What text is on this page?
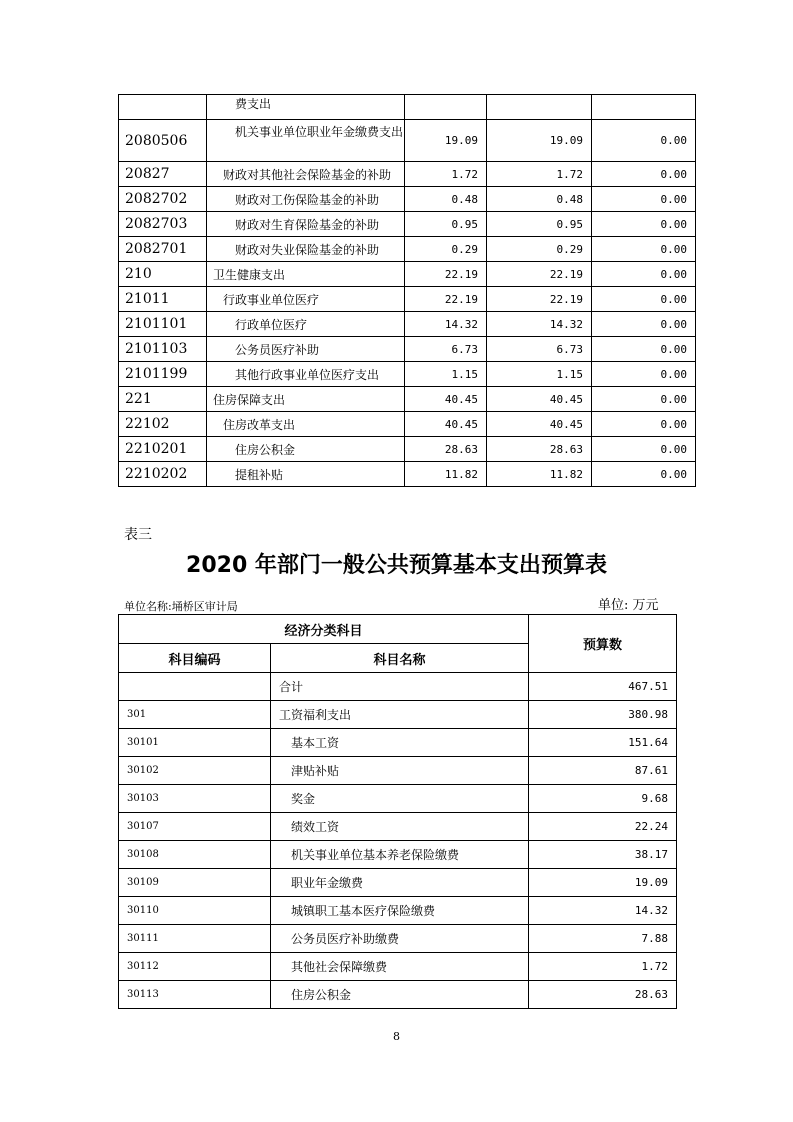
	费支出			
2080506	机关事业单位职业年金缴费支出	19.09	19.09	0.00
20827	财政对其他社会保险基金的补助	1.72	1.72	0.00
2082702	财政对工伤保险基金的补助	0.48	0.48	0.00
2082703	财政对生育保险基金的补助	0.95	0.95	0.00
2082701	财政对失业保险基金的补助	0.29	0.29	0.00
210	卫生健康支出	22.19	22.19	0.00
21011	行政事业单位医疗	22.19	22.19	0.00
2101101	行政单位医疗	14.32	14.32	0.00
2101103	公务员医疗补助	6.73	6.73	0.00
2101199	其他行政事业单位医疗支出	1.15	1.15	0.00
221	住房保障支出	40.45	40.45	0.00
22102	住房改革支出	40.45	40.45	0.00
2210201	住房公积金	28.63	28.63	0.00
2210202	提租补贴	11.82	11.82	0.00
表三
2020 年部门一般公共预算基本支出预算表
单位名称:埇桥区审计局	单位: 万元
经济分类科目		预算数
科目编码	科目名称	
	合计	467.51
301	工资福利支出	380.98
30101	基本工资	151.64
30102	津贴补贴	87.61
30103	奖金	9.68
30107	绩效工资	22.24
30108	机关事业单位基本养老保险缴费	38.17
30109	职业年金缴费	19.09
30110	城镇职工基本医疗保险缴费	14.32
30111	公务员医疗补助缴费	7.88
30112	其他社会保障缴费	1.72
30113	住房公积金	28.63
8
